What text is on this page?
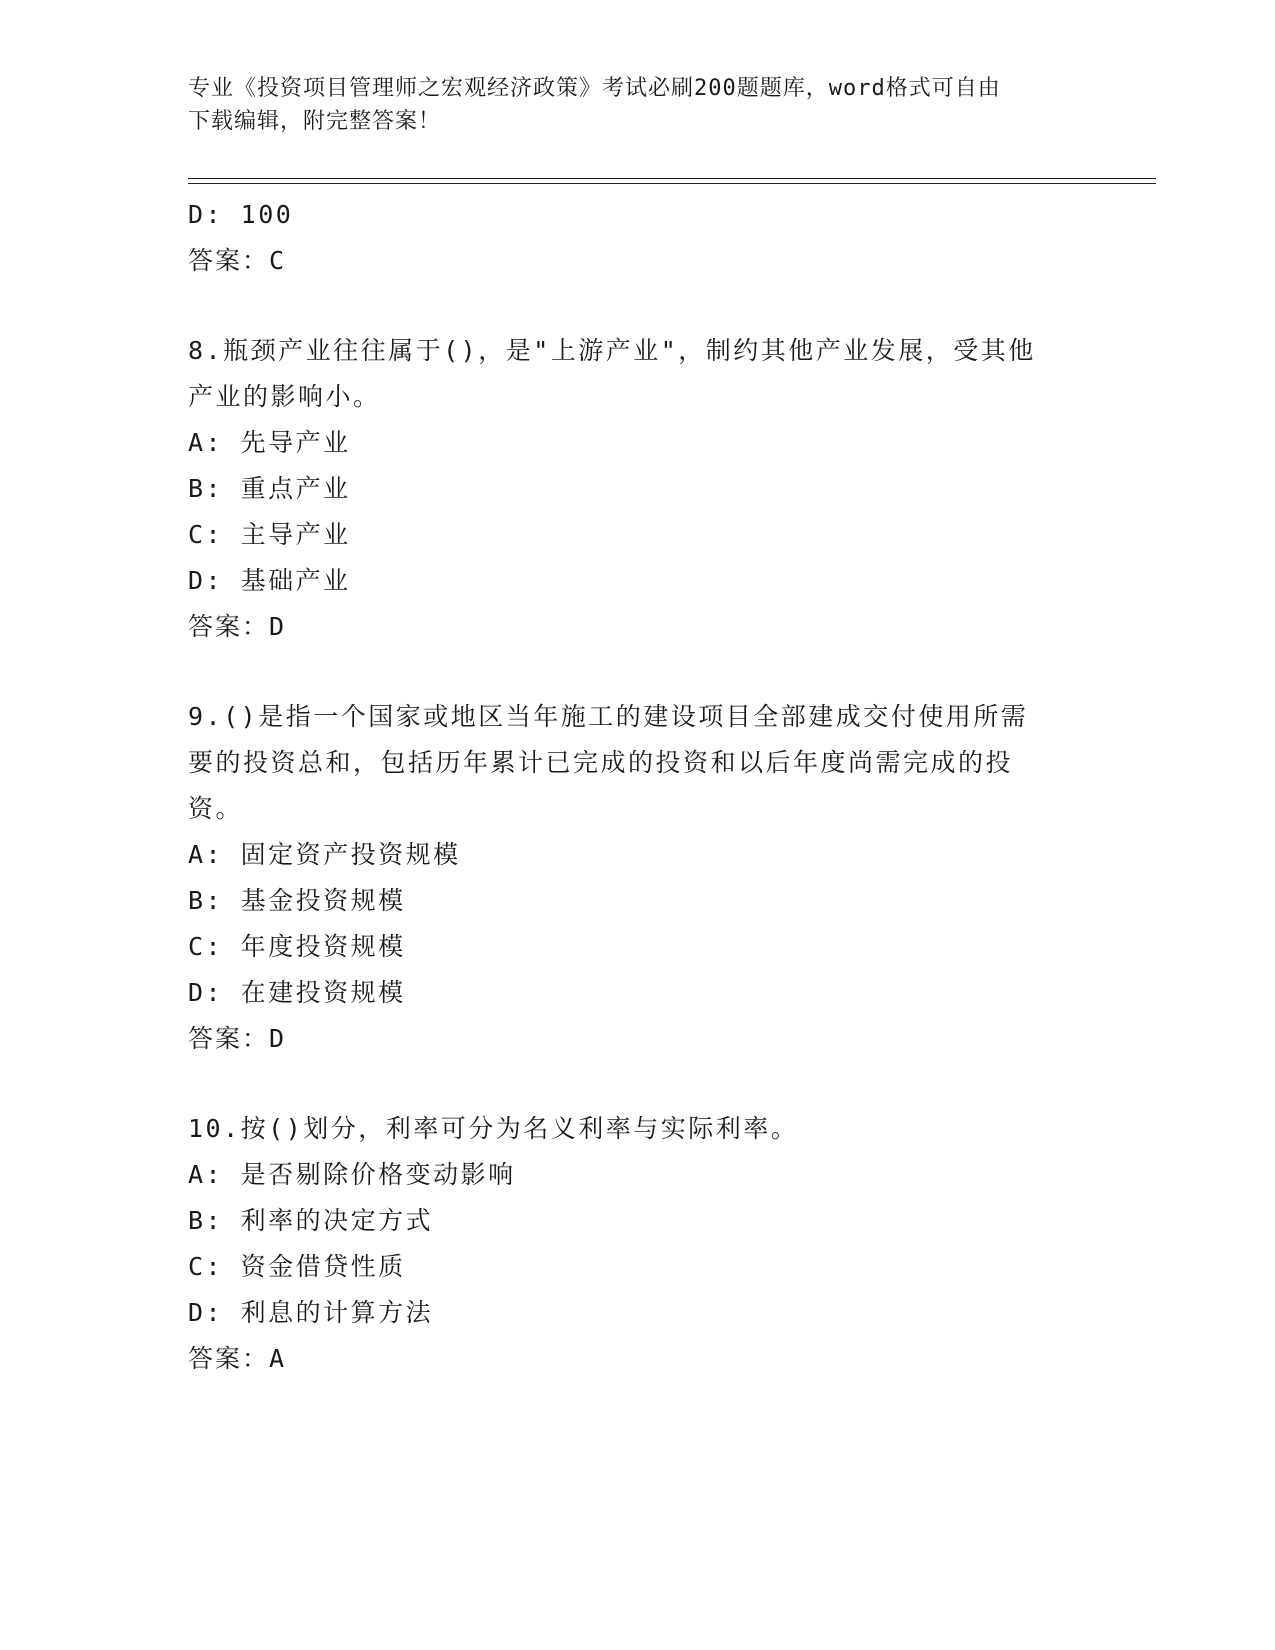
专业《投资项目管理师之宏观经济政策》考试必刷200题题库，word格式可自由
下载编辑，附完整答案！
D: 100
答案：C
8.瓶颈产业往往属于()，是"上游产业"，制约其他产业发展，受其他
产业的影响小。
A: 先导产业
B: 重点产业
C: 主导产业
D: 基础产业
答案：D
9.()是指一个国家或地区当年施工的建设项目全部建成交付使用所需
要的投资总和，包括历年累计已完成的投资和以后年度尚需完成的投
资。
A: 固定资产投资规模
B: 基金投资规模
C: 年度投资规模
D: 在建投资规模
答案：D
10.按()划分，利率可分为名义利率与实际利率。
A: 是否剔除价格变动影响
B: 利率的决定方式
C: 资金借贷性质
D: 利息的计算方法
答案：A
